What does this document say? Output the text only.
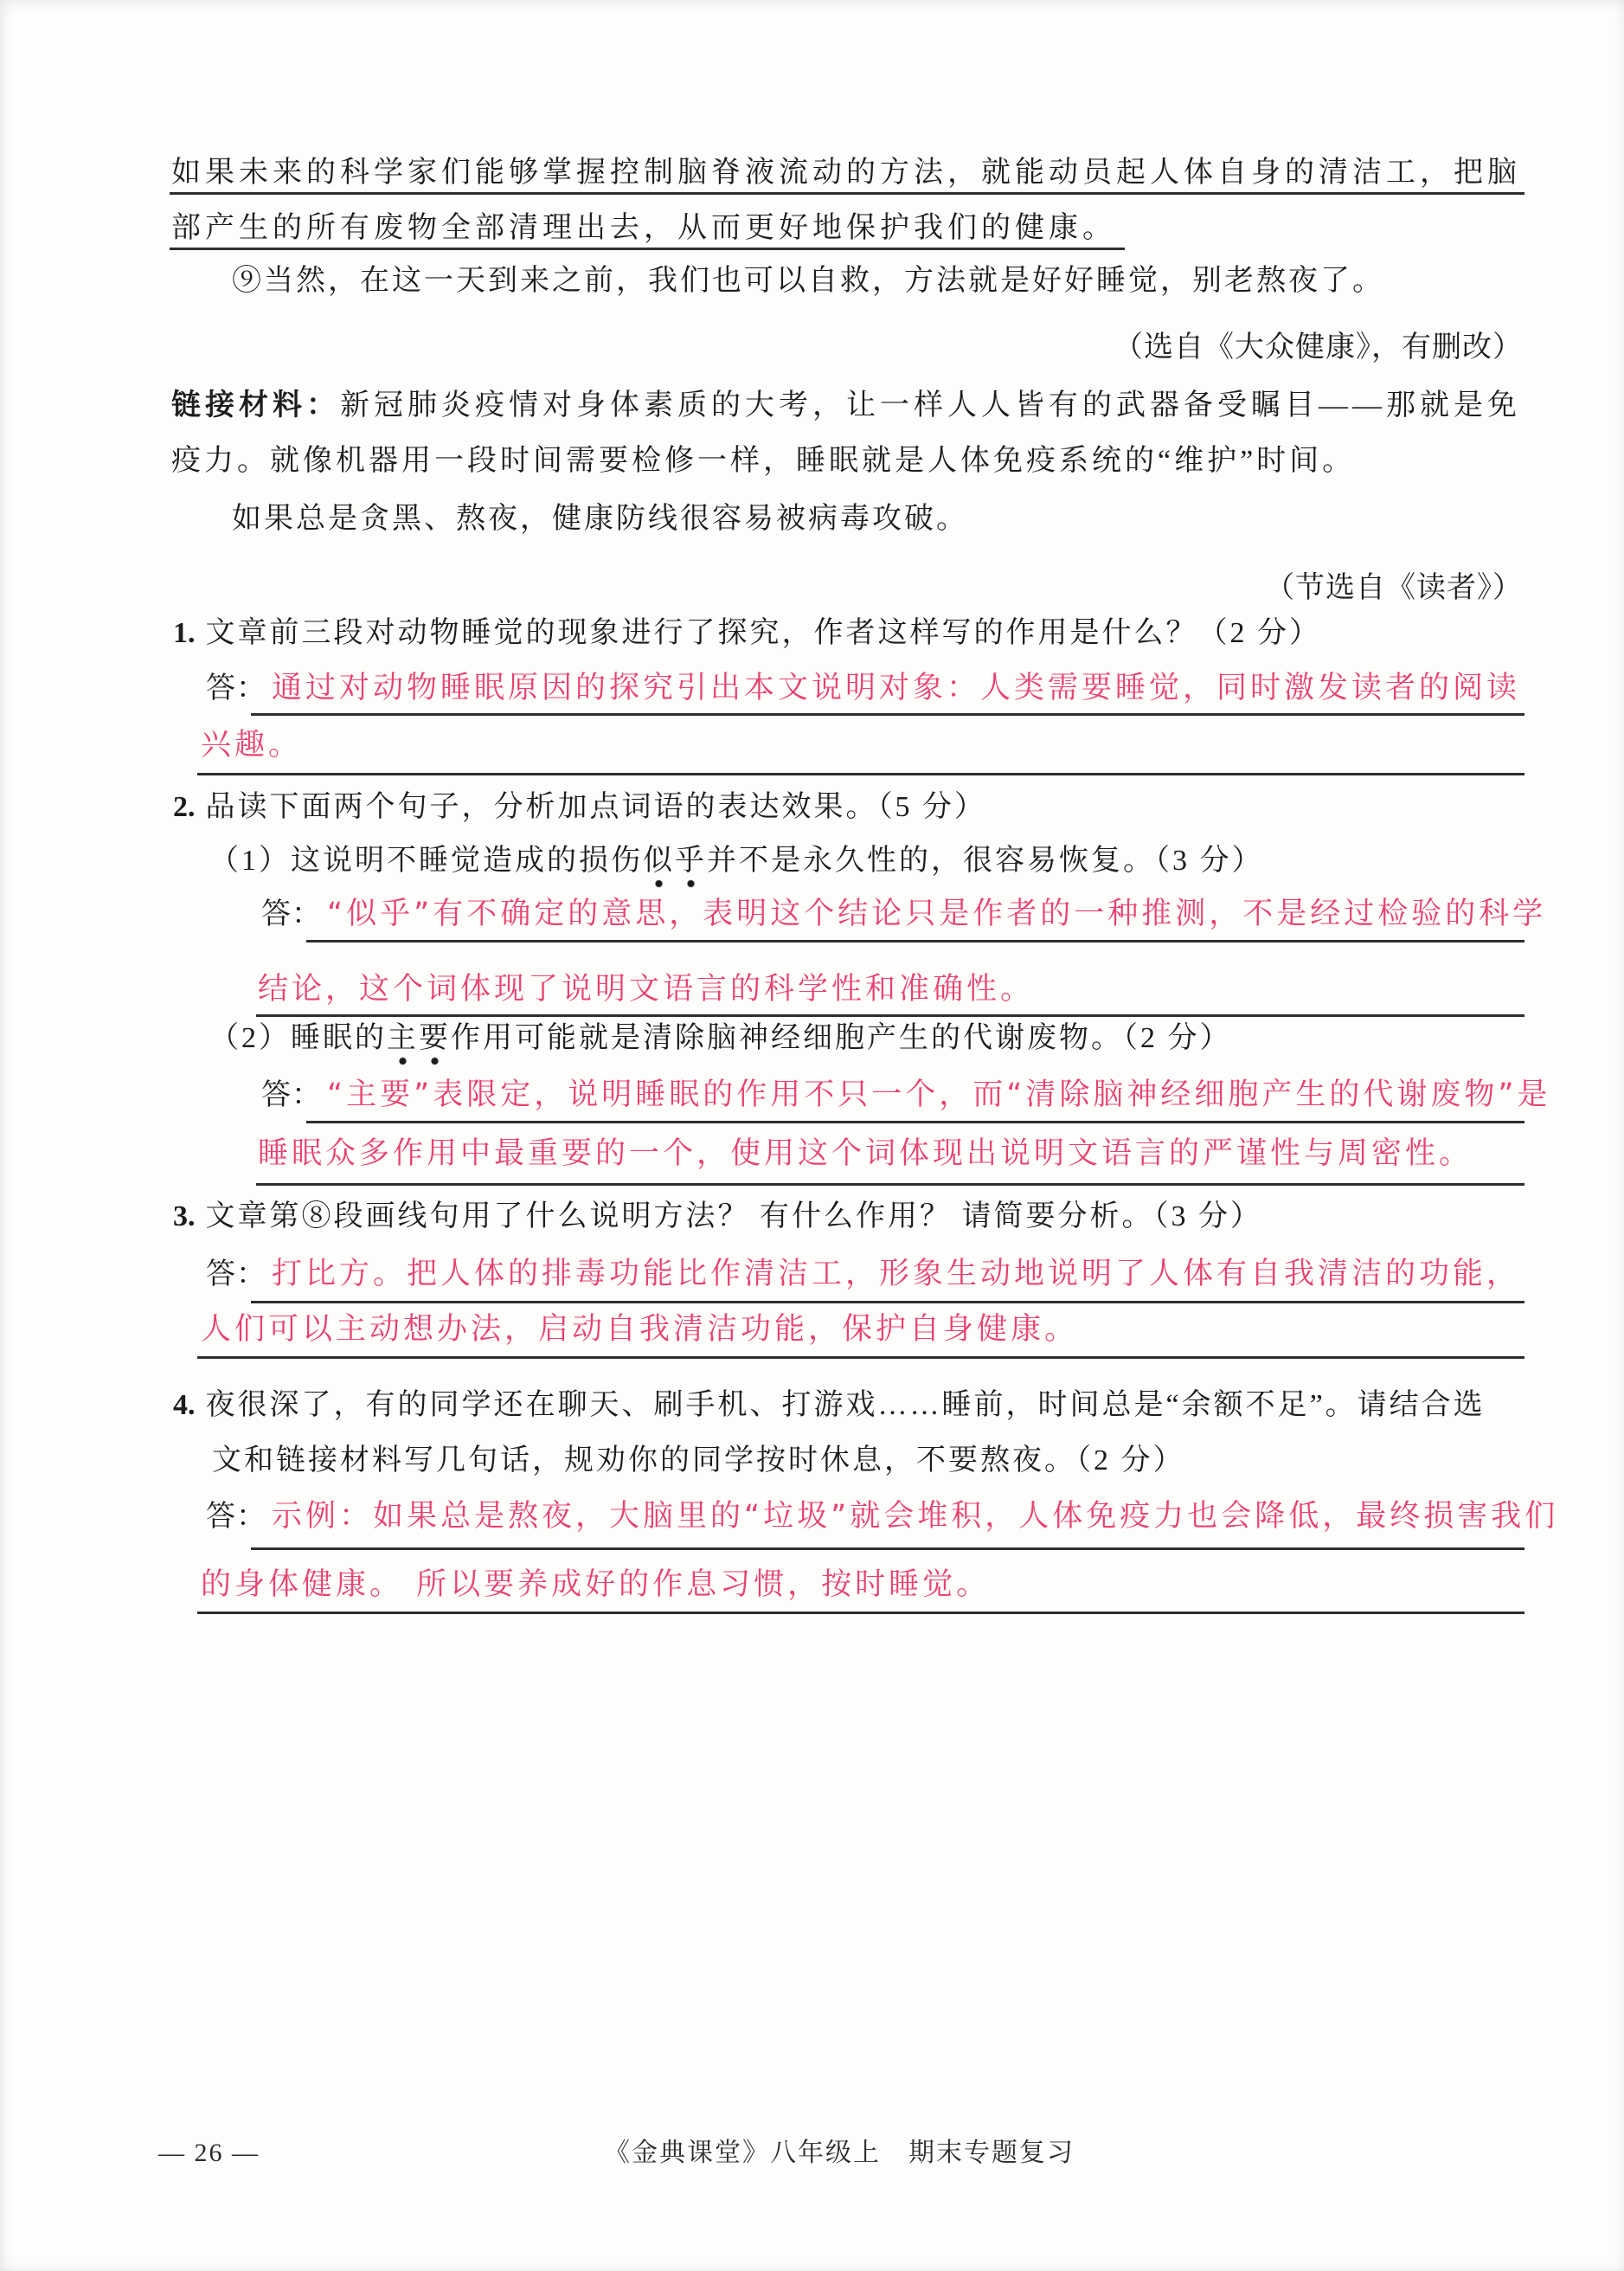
如果未来的科学家们能够掌握控制脑脊液流动的方法，就能动员起人体自身的清洁工，把脑
部产生的所有废物全部清理出去，从而更好地保护我们的健康。
⑨当然，在这一天到来之前，我们也可以自救，方法就是好好睡觉，别老熬夜了。
（选自《大众健康》，有删改）
链接材料：新冠肺炎疫情对身体素质的大考，让一样人人皆有的武器备受瞩目——那就是免
疫力。就像机器用一段时间需要检修一样，睡眠就是人体免疫系统的“维护”时间。
如果总是贪黑、熬夜，健康防线很容易被病毒攻破。
（节选自《读者》）
1. 文章前三段对动物睡觉的现象进行了探究，作者这样写的作用是什么？（2 分）
答： 通过对动物睡眠原因的探究引出本文说明对象：人类需要睡觉，同时激发读者的阅读
兴趣。
2. 品读下面两个句子，分析加点词语的表达效果。（5 分）
（1）这说明不睡觉造成的损伤似乎并不是永久性的，很容易恢复。（3 分）
答： “似乎”有不确定的意思，表明这个结论只是作者的一种推测，不是经过检验的科学
结论，这个词体现了说明文语言的科学性和准确性。
（2）睡眠的主要作用可能就是清除脑神经细胞产生的代谢废物。（2 分）
答： “主要”表限定，说明睡眠的作用不只一个，而“清除脑神经细胞产生的代谢废物”是
睡眠众多作用中最重要的一个，使用这个词体现出说明文语言的严谨性与周密性。
3. 文章第⑧段画线句用了什么说明方法？ 有什么作用？ 请简要分析。（3 分）
答： 打比方。把人体的排毒功能比作清洁工，形象生动地说明了人体有自我清洁的功能，
人们可以主动想办法，启动自我清洁功能，保护自身健康。
4. 夜很深了，有的同学还在聊天、刷手机、打游戏……睡前，时间总是“余额不足”。请结合选
文和链接材料写几句话，规劝你的同学按时休息，不要熬夜。（2 分）
答： 示例：如果总是熬夜，大脑里的“垃圾”就会堆积，人体免疫力也会降低，最终损害我们
的身体健康。 所以要养成好的作息习惯，按时睡觉。
— 26 —	《金典课堂》八年级上　期末专题复习
